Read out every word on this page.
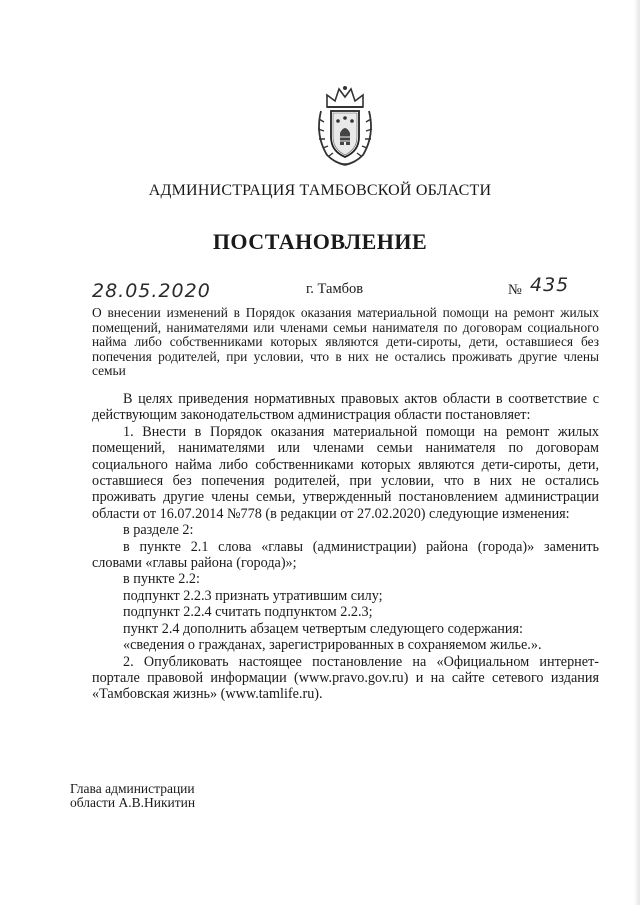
АДМИНИСТРАЦИЯ ТАМБОВСКОЙ ОБЛАСТИ
ПОСТАНОВЛЕНИЕ
28.05.2020	г. Тамбов	№ 435
О внесении изменений в Порядок оказания материальной помощи на ремонт жилых помещений, нанимателями или членами семьи нанимателя по договорам социального найма либо собственниками которых являются дети-сироты, дети, оставшиеся без попечения родителей, при условии, что в них не остались проживать другие члены семьи

В целях приведения нормативных правовых актов области в соответствие с действующим законодательством администрация области постановляет:

1. Внести в Порядок оказания материальной помощи на ремонт жилых помещений, нанимателями или членами семьи нанимателя по договорам социального найма либо собственниками которых являются дети-сироты, дети, оставшиеся без попечения родителей, при условии, что в них не остались проживать другие члены семьи, утвержденный постановлением администрации области от 16.07.2014 №778 (в редакции от 27.02.2020) следующие изменения:

в разделе 2:

в пункте 2.1 слова «главы (администрации) района (города)» заменить словами «главы района (города)»;

в пункте 2.2:

подпункт 2.2.3 признать утратившим силу;

подпункт 2.2.4 считать подпунктом 2.2.3;

пункт 2.4 дополнить абзацем четвертым следующего содержания:

«сведения о гражданах, зарегистрированных в сохраняемом жилье.».

2. Опубликовать настоящее постановление на «Официальном интернет-портале правовой информации (www.pravo.gov.ru) и на сайте сетевого издания «Тамбовская жизнь» (www.tamlife.ru).

Глава администрации
области А.В.Никитин
